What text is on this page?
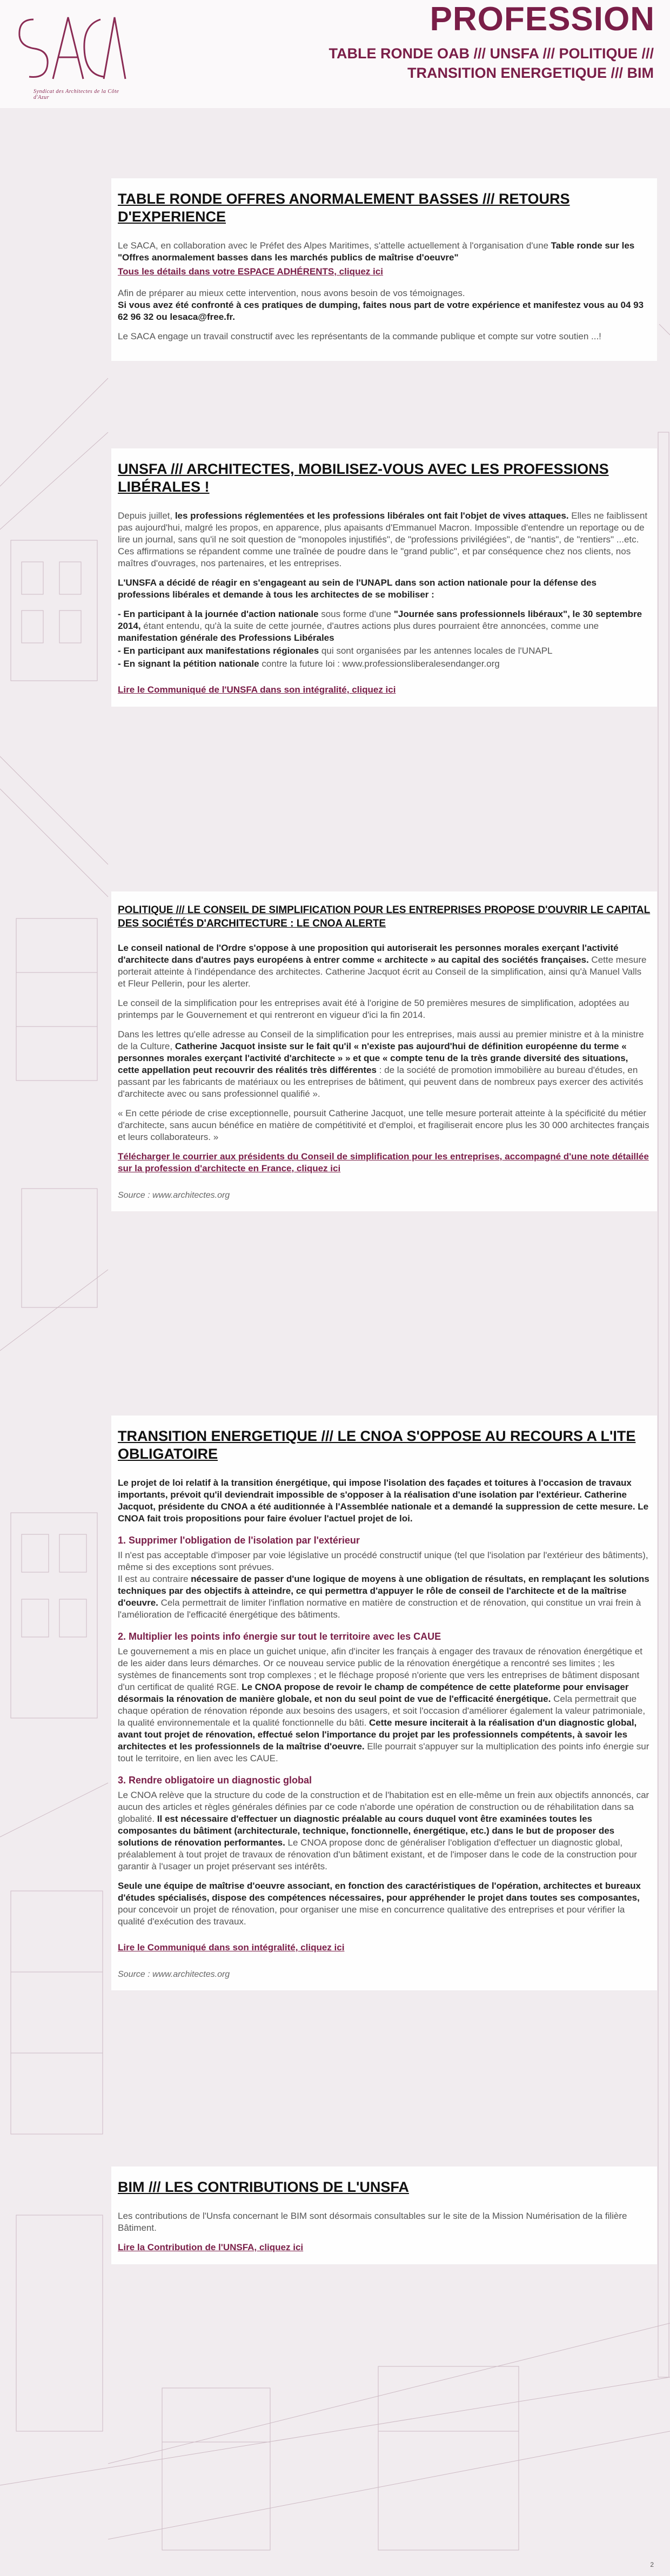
Syndicat des Architectes de la Côte d'Azur
PROFESSION
TABLE RONDE OAB /// UNSFA /// POLITIQUE ///
TRANSITION ENERGETIQUE /// BIM
TABLE RONDE OFFRES ANORMALEMENT BASSES /// RETOURS D'EXPERIENCE

Le SACA, en collaboration avec le Préfet des Alpes Maritimes, s'attelle actuellement à l'organisation d'une Table ronde sur les "Offres anormalement basses dans les marchés publics de maîtrise d'oeuvre"

Tous les détails dans votre ESPACE ADHÉRENTS, cliquez ici

Afin de préparer au mieux cette intervention, nous avons besoin de vos témoignages.
Si vous avez été confronté à ces pratiques de dumping, faites nous part de votre expérience et manifestez vous au 04 93 62 96 32 ou lesaca@free.fr.

Le SACA engage un travail constructif avec les représentants de la commande publique et compte sur votre soutien ...!

UNSFA /// ARCHITECTES, MOBILISEZ-VOUS AVEC LES PROFESSIONS LIBÉRALES !

Depuis juillet, les professions réglementées et les professions libérales ont fait l'objet de vives attaques. Elles ne faiblissent pas aujourd'hui, malgré les propos, en apparence, plus apaisants d'Emmanuel Macron. Impossible d'entendre un reportage ou de lire un journal, sans qu'il ne soit question de "monopoles injustifiés", de "professions privilégiées", de "nantis", de "rentiers" ...etc. Ces affirmations se répandent comme une traînée de poudre dans le "grand public", et par conséquence chez nos clients, nos maîtres d'ouvrages, nos partenaires, et les entreprises.

L'UNSFA a décidé de réagir en s'engageant au sein de l'UNAPL dans son action nationale pour la défense des professions libérales et demande à tous les architectes de se mobiliser :

- En participant à la journée d'action nationale sous forme d'une "Journée sans professionnels libéraux", le 30 septembre 2014, étant entendu, qu'à la suite de cette journée, d'autres actions plus dures pourraient être annoncées, comme une manifestation générale des Professions Libérales

- En participant aux manifestations régionales qui sont organisées par les antennes locales de l'UNAPL

- En signant la pétition nationale contre la future loi : www.professionsliberalesendanger.org

Lire le Communiqué de l'UNSFA dans son intégralité, cliquez ici
POLITIQUE /// LE CONSEIL DE SIMPLIFICATION POUR LES ENTREPRISES PROPOSE D'OUVRIR LE CAPITAL DES SOCIÉTÉS D'ARCHITECTURE : LE CNOA ALERTE

Le conseil national de l'Ordre s'oppose à une proposition qui autoriserait les personnes morales exerçant l'activité d'architecte dans d'autres pays européens à entrer comme « architecte » au capital des sociétés françaises. Cette mesure porterait atteinte à l'indépendance des architectes. Catherine Jacquot écrit au Conseil de la simplification, ainsi qu'à Manuel Valls et Fleur Pellerin, pour les alerter.

Le conseil de la simplification pour les entreprises avait été à l'origine de 50 premières mesures de simplification, adoptées au printemps par le Gouvernement et qui rentreront en vigueur d'ici la fin 2014.

Dans les lettres qu'elle adresse au Conseil de la simplification pour les entreprises, mais aussi au premier ministre et à la ministre de la Culture, Catherine Jacquot insiste sur le fait qu'il « n'existe pas aujourd'hui de définition européenne du terme « personnes morales exerçant l'activité d'architecte » » et que « compte tenu de la très grande diversité des situations, cette appellation peut recouvrir des réalités très différentes : de la société de promotion immobilière au bureau d'études, en passant par les fabricants de matériaux ou les entreprises de bâtiment, qui peuvent dans de nombreux pays exercer des activités d'architecte avec ou sans professionnel qualifié ».

« En cette période de crise exceptionnelle, poursuit Catherine Jacquot, une telle mesure porterait atteinte à la spécificité du métier d'architecte, sans aucun bénéfice en matière de compétitivité et d'emploi, et fragiliserait encore plus les 30 000 architectes français et leurs collaborateurs. »

Télécharger le courrier aux présidents du Conseil de simplification pour les entreprises, accompagné d'une note détaillée sur la profession d'architecte en France, cliquez ici
Source : www.architectes.org
TRANSITION ENERGETIQUE /// LE CNOA S'OPPOSE AU RECOURS A L'ITE OBLIGATOIRE

Le projet de loi relatif à la transition énergétique, qui impose l'isolation des façades et toitures à l'occasion de travaux importants, prévoit qu'il deviendrait impossible de s'opposer à la réalisation d'une isolation par l'extérieur. Catherine Jacquot, présidente du CNOA a été auditionnée à l'Assemblée nationale et a demandé la suppression de cette mesure. Le CNOA fait trois propositions pour faire évoluer l'actuel projet de loi.

1. Supprimer l'obligation de l'isolation par l'extérieur

Il n'est pas acceptable d'imposer par voie législative un procédé constructif unique (tel que l'isolation par l'extérieur des bâtiments), même si des exceptions sont prévues.

Il est au contraire nécessaire de passer d'une logique de moyens à une obligation de résultats, en remplaçant les solutions techniques par des objectifs à atteindre, ce qui permettra d'appuyer le rôle de conseil de l'architecte et de la maîtrise d'oeuvre. Cela permettrait de limiter l'inflation normative en matière de construction et de rénovation, qui constitue un vrai frein à l'amélioration de l'efficacité énergétique des bâtiments.

2. Multiplier les points info énergie sur tout le territoire avec les CAUE

Le gouvernement a mis en place un guichet unique, afin d'inciter les français à engager des travaux de rénovation énergétique et de les aider dans leurs démarches. Or ce nouveau service public de la rénovation énergétique a rencontré ses limites ; les systèmes de financements sont trop complexes ; et le fléchage proposé n'oriente que vers les entreprises de bâtiment disposant d'un certificat de qualité RGE. Le CNOA propose de revoir le champ de compétence de cette plateforme pour envisager désormais la rénovation de manière globale, et non du seul point de vue de l'efficacité énergétique. Cela permettrait que chaque opération de rénovation réponde aux besoins des usagers, et soit l'occasion d'améliorer également la valeur patrimoniale, la qualité environnementale et la qualité fonctionnelle du bâti. Cette mesure inciterait à la réalisation d'un diagnostic global, avant tout projet de rénovation, effectué selon l'importance du projet par les professionnels compétents, à savoir les architectes et les professionnels de la maîtrise d'oeuvre. Elle pourrait s'appuyer sur la multiplication des points info énergie sur tout le territoire, en lien avec les CAUE.

3. Rendre obligatoire un diagnostic global

Le CNOA relève que la structure du code de la construction et de l'habitation est en elle-même un frein aux objectifs annoncés, car aucun des articles et règles générales définies par ce code n'aborde une opération de construction ou de réhabilitation dans sa globalité. Il est nécessaire d'effectuer un diagnostic préalable au cours duquel vont être examinées toutes les composantes du bâtiment (architecturale, technique, fonctionnelle, énergétique, etc.) dans le but de proposer des solutions de rénovation performantes. Le CNOA propose donc de généraliser l'obligation d'effectuer un diagnostic global, préalablement à tout projet de travaux de rénovation d'un bâtiment existant, et de l'imposer dans le code de la construction pour garantir à l'usager un projet préservant ses intérêts.

Seule une équipe de maîtrise d'oeuvre associant, en fonction des caractéristiques de l'opération, architectes et bureaux d'études spécialisés, dispose des compétences nécessaires, pour appréhender le projet dans toutes ses composantes, pour concevoir un projet de rénovation, pour organiser une mise en concurrence qualitative des entreprises et pour vérifier la qualité d'exécution des travaux.

Lire le Communiqué dans son intégralité, cliquez ici
Source : www.architectes.org
BIM /// LES CONTRIBUTIONS DE L'UNSFA

Les contributions de l'Unsfa concernant le BIM sont désormais consultables sur le site de la Mission Numérisation de la filière Bâtiment.

Lire la Contribution de l'UNSFA, cliquez ici
2
